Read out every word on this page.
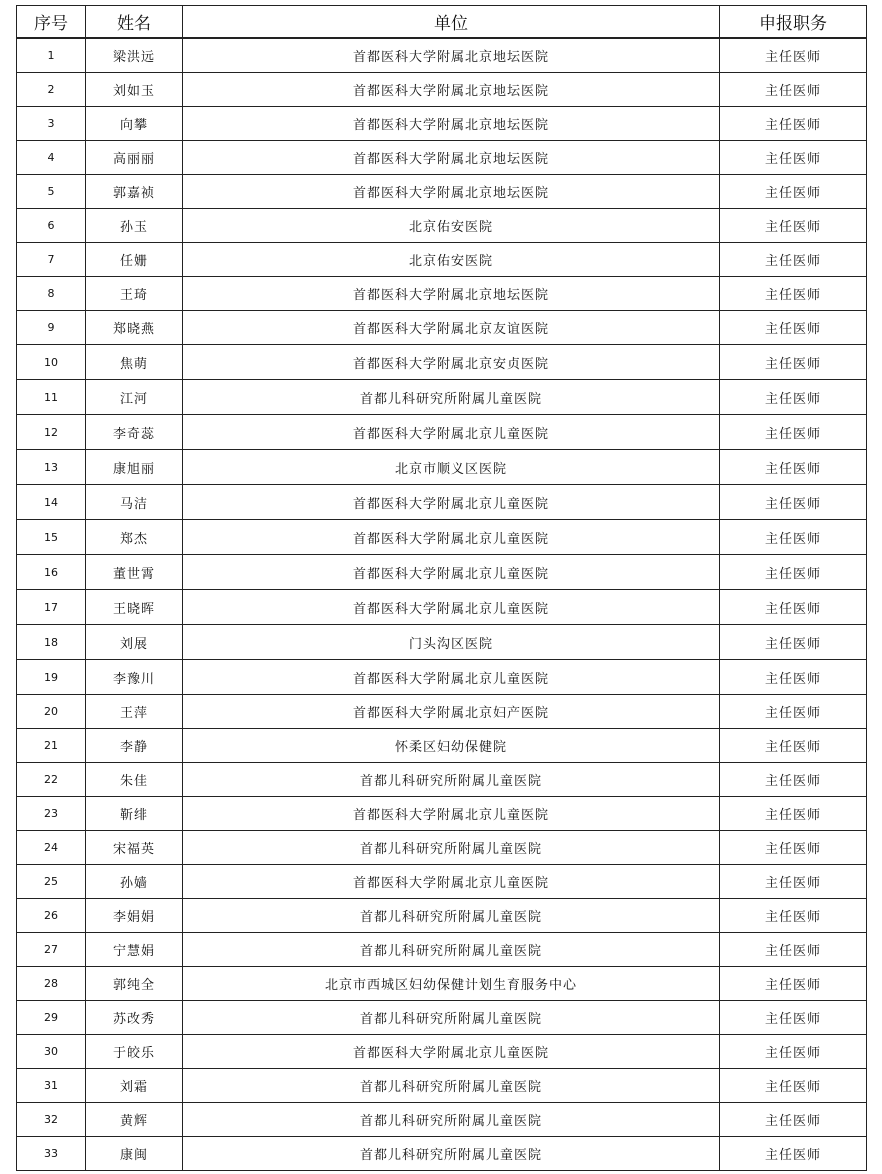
序号	姓名	单位	申报职务
1	梁洪远	首都医科大学附属北京地坛医院	主任医师
2	刘如玉	首都医科大学附属北京地坛医院	主任医师
3	向攀	首都医科大学附属北京地坛医院	主任医师
4	高丽丽	首都医科大学附属北京地坛医院	主任医师
5	郭嘉祯	首都医科大学附属北京地坛医院	主任医师
6	孙玉	北京佑安医院	主任医师
7	任姗	北京佑安医院	主任医师
8	王琦	首都医科大学附属北京地坛医院	主任医师
9	郑晓燕	首都医科大学附属北京友谊医院	主任医师
10	焦萌	首都医科大学附属北京安贞医院	主任医师
11	江河	首都儿科研究所附属儿童医院	主任医师
12	李奇蕊	首都医科大学附属北京儿童医院	主任医师
13	康旭丽	北京市顺义区医院	主任医师
14	马洁	首都医科大学附属北京儿童医院	主任医师
15	郑杰	首都医科大学附属北京儿童医院	主任医师
16	董世霄	首都医科大学附属北京儿童医院	主任医师
17	王晓晖	首都医科大学附属北京儿童医院	主任医师
18	刘展	门头沟区医院	主任医师
19	李豫川	首都医科大学附属北京儿童医院	主任医师
20	王萍	首都医科大学附属北京妇产医院	主任医师
21	李静	怀柔区妇幼保健院	主任医师
22	朱佳	首都儿科研究所附属儿童医院	主任医师
23	靳绯	首都医科大学附属北京儿童医院	主任医师
24	宋福英	首都儿科研究所附属儿童医院	主任医师
25	孙嫱	首都医科大学附属北京儿童医院	主任医师
26	李娟娟	首都儿科研究所附属儿童医院	主任医师
27	宁慧娟	首都儿科研究所附属儿童医院	主任医师
28	郭纯全	北京市西城区妇幼保健计划生育服务中心	主任医师
29	苏改秀	首都儿科研究所附属儿童医院	主任医师
30	于皎乐	首都医科大学附属北京儿童医院	主任医师
31	刘霜	首都儿科研究所附属儿童医院	主任医师
32	黄辉	首都儿科研究所附属儿童医院	主任医师
33	康闽	首都儿科研究所附属儿童医院	主任医师
